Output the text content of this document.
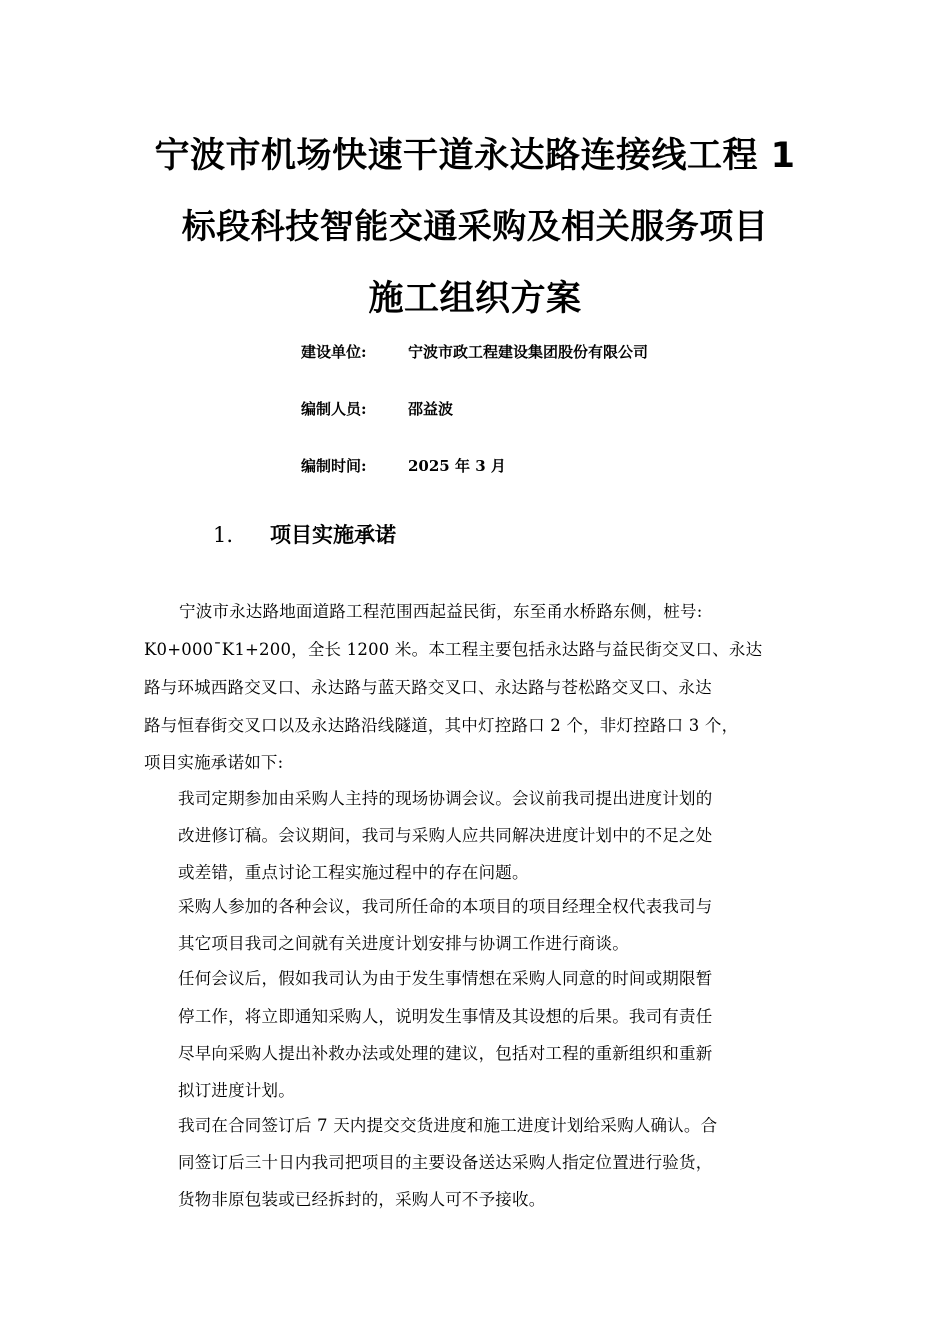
宁波市机场快速干道永达路连接线工程 1
标段科技智能交通采购及相关服务项目
施工组织方案
建设单位:	宁波市政工程建设集团股份有限公司
编制人员:	邵益波
编制时间:	2025 年 3 月
1. 项目实施承诺
宁波市永达路地面道路工程范围西起益民街，东至甬水桥路东侧，桩号:
K0+000¯K1+200，全长 1200 米。本工程主要包括永达路与益民街交叉口、永达
路与环城西路交叉口、永达路与蓝天路交叉口、永达路与苍松路交叉口、永达
路与恒春街交叉口以及永达路沿线隧道，其中灯控路口 2 个，非灯控路口 3 个，
项目实施承诺如下:
我司定期参加由采购人主持的现场协调会议。会议前我司提出进度计划的
改进修订稿。会议期间，我司与采购人应共同解决进度计划中的不足之处
或差错，重点讨论工程实施过程中的存在问题。
采购人参加的各种会议，我司所任命的本项目的项目经理全权代表我司与
其它项目我司之间就有关进度计划安排与协调工作进行商谈。
任何会议后，假如我司认为由于发生事情想在采购人同意的时间或期限暂
停工作，将立即通知采购人，说明发生事情及其设想的后果。我司有责任
尽早向采购人提出补救办法或处理的建议，包括对工程的重新组织和重新
拟订进度计划。
我司在合同签订后 7 天内提交交货进度和施工进度计划给采购人确认。合
同签订后三十日内我司把项目的主要设备送达采购人指定位置进行验货，
货物非原包装或已经拆封的，采购人可不予接收。
